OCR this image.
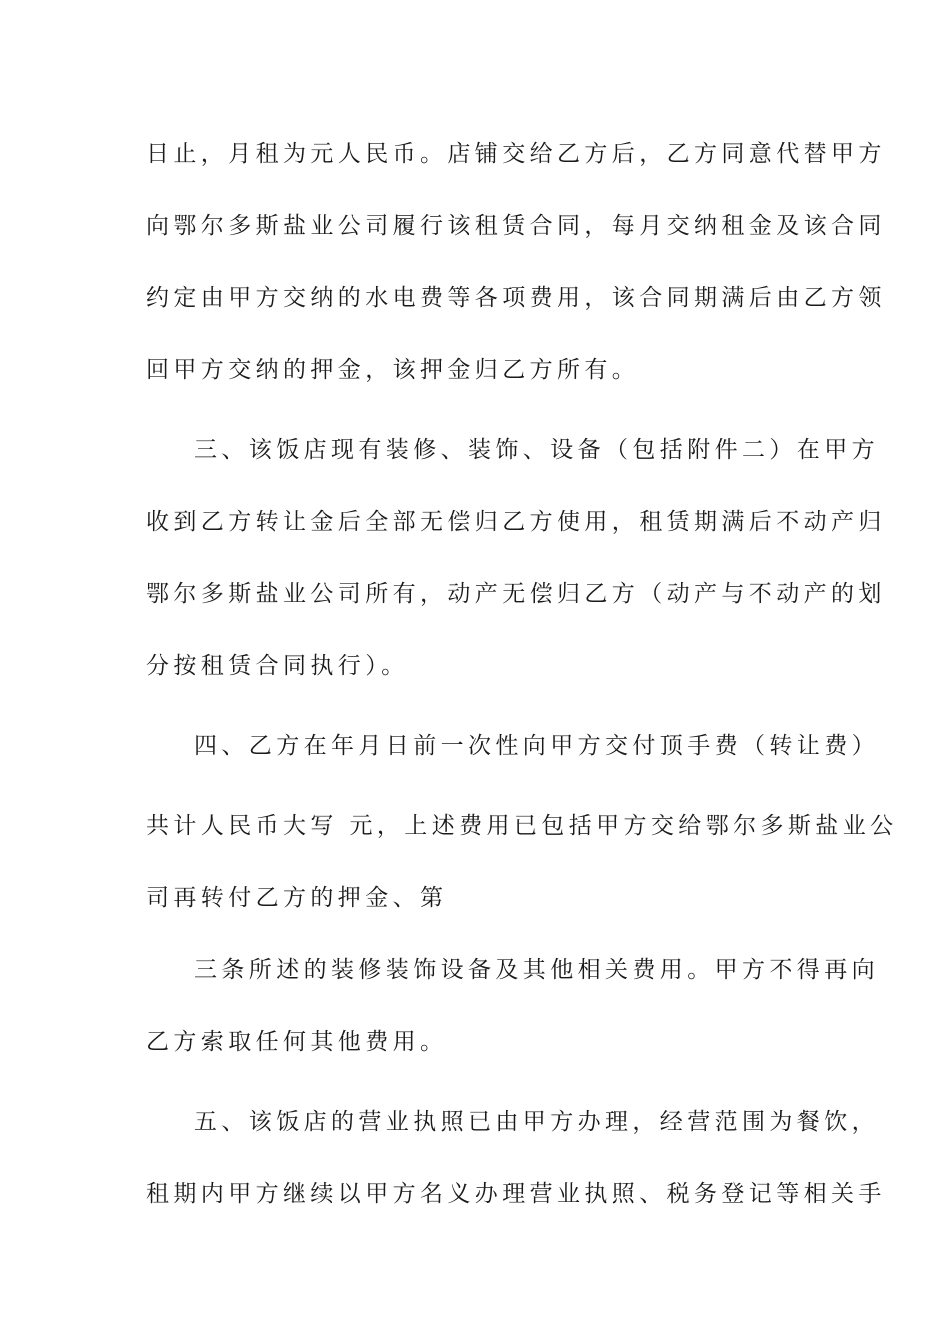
日止，月租为元人民币。店铺交给乙方后，乙方同意代替甲方
向鄂尔多斯盐业公司履行该租赁合同，每月交纳租金及该合同
约定由甲方交纳的水电费等各项费用，该合同期满后由乙方领
回甲方交纳的押金，该押金归乙方所有。
三、该饭店现有装修、装饰、设备（包括附件二）在甲方
收到乙方转让金后全部无偿归乙方使用，租赁期满后不动产归
鄂尔多斯盐业公司所有，动产无偿归乙方（动产与不动产的划
分按租赁合同执行）。
四、乙方在年月日前一次性向甲方交付顶手费（转让费）
共计人民币大写 元，上述费用已包括甲方交给鄂尔多斯盐业公
司再转付乙方的押金、第
三条所述的装修装饰设备及其他相关费用。甲方不得再向
乙方索取任何其他费用。
五、该饭店的营业执照已由甲方办理，经营范围为餐饮，
租期内甲方继续以甲方名义办理营业执照、税务登记等相关手
